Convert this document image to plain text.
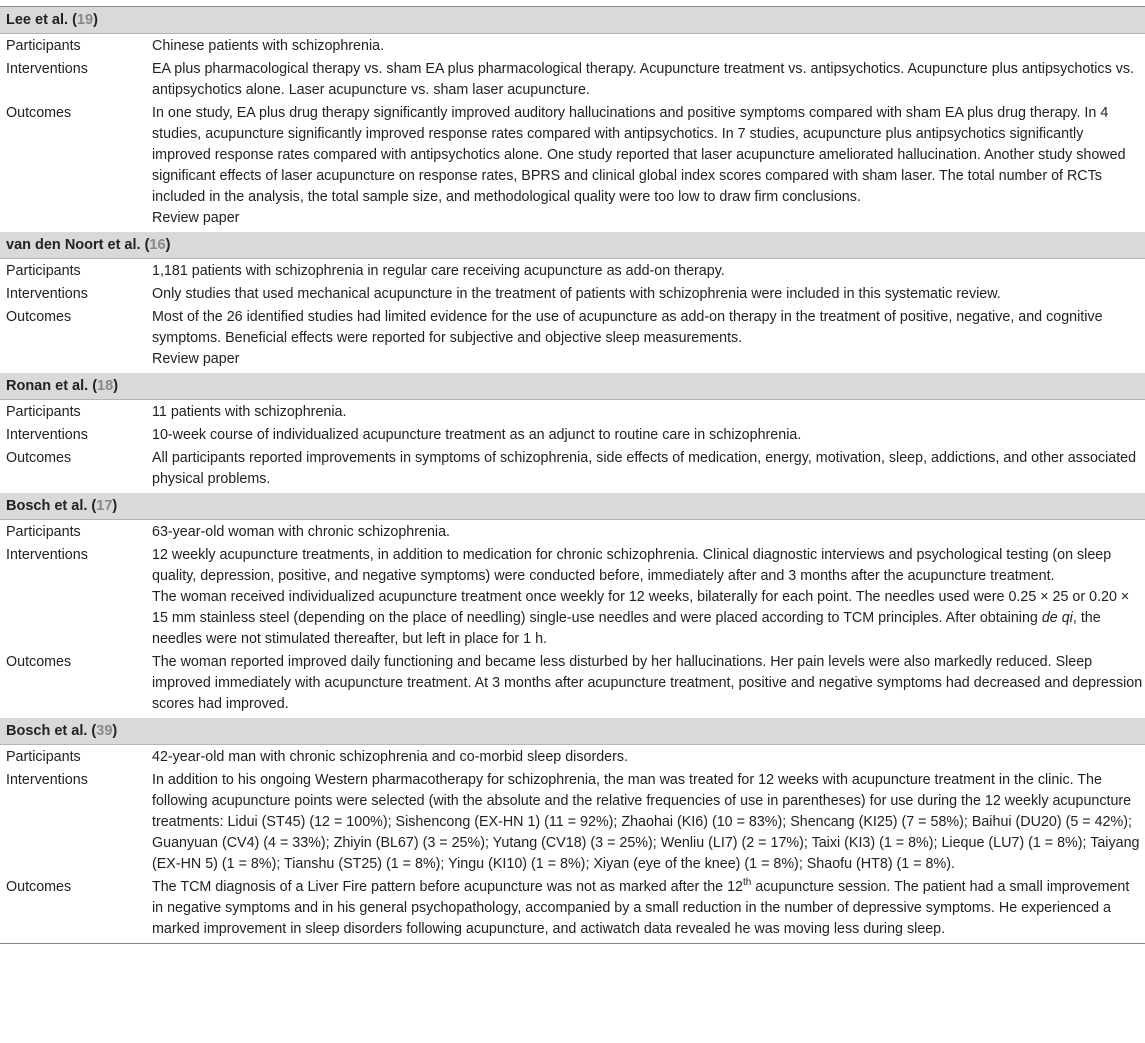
Lee et al. (19)
Participants	Chinese patients with schizophrenia.
Interventions	EA plus pharmacological therapy vs. sham EA plus pharmacological therapy. Acupuncture treatment vs. antipsychotics. Acupuncture plus antipsychotics vs. antipsychotics alone. Laser acupuncture vs. sham laser acupuncture.
Outcomes	In one study, EA plus drug therapy significantly improved auditory hallucinations and positive symptoms compared with sham EA plus drug therapy. In 4 studies, acupuncture significantly improved response rates compared with antipsychotics. In 7 studies, acupuncture plus antipsychotics significantly improved response rates compared with antipsychotics alone. One study reported that laser acupuncture ameliorated hallucination. Another study showed significant effects of laser acupuncture on response rates, BPRS and clinical global index scores compared with sham laser. The total number of RCTs included in the analysis, the total sample size, and methodological quality were too low to draw firm conclusions.
Review paper
van den Noort et al. (16)
Participants	1,181 patients with schizophrenia in regular care receiving acupuncture as add-on therapy.
Interventions	Only studies that used mechanical acupuncture in the treatment of patients with schizophrenia were included in this systematic review.
Outcomes	Most of the 26 identified studies had limited evidence for the use of acupuncture as add-on therapy in the treatment of positive, negative, and cognitive symptoms. Beneficial effects were reported for subjective and objective sleep measurements.
Review paper
Ronan et al. (18)
Participants	11 patients with schizophrenia.
Interventions	10-week course of individualized acupuncture treatment as an adjunct to routine care in schizophrenia.
Outcomes	All participants reported improvements in symptoms of schizophrenia, side effects of medication, energy, motivation, sleep, addictions, and other associated physical problems.
Bosch et al. (17)
Participants	63-year-old woman with chronic schizophrenia.
Interventions	12 weekly acupuncture treatments, in addition to medication for chronic schizophrenia. Clinical diagnostic interviews and psychological testing (on sleep quality, depression, positive, and negative symptoms) were conducted before, immediately after and 3 months after the acupuncture treatment.
The woman received individualized acupuncture treatment once weekly for 12 weeks, bilaterally for each point. The needles used were 0.25 × 25 or 0.20 × 15 mm stainless steel (depending on the place of needling) single-use needles and were placed according to TCM principles. After obtaining de qi, the needles were not stimulated thereafter, but left in place for 1 h.
Outcomes	The woman reported improved daily functioning and became less disturbed by her hallucinations. Her pain levels were also markedly reduced. Sleep improved immediately with acupuncture treatment. At 3 months after acupuncture treatment, positive and negative symptoms had decreased and depression scores had improved.
Bosch et al. (39)
Participants	42-year-old man with chronic schizophrenia and co-morbid sleep disorders.
Interventions	In addition to his ongoing Western pharmacotherapy for schizophrenia, the man was treated for 12 weeks with acupuncture treatment in the clinic. The following acupuncture points were selected (with the absolute and the relative frequencies of use in parentheses) for use during the 12 weekly acupuncture treatments: Lidui (ST45) (12 = 100%); Sishencong (EX-HN 1) (11 = 92%); Zhaohai (KI6) (10 = 83%); Shencang (KI25) (7 = 58%); Baihui (DU20) (5 = 42%); Guanyuan (CV4) (4 = 33%); Zhiyin (BL67) (3 = 25%); Yutang (CV18) (3 = 25%); Wenliu (LI7) (2 = 17%); Taixi (KI3) (1 = 8%); Lieque (LU7) (1 = 8%); Taiyang (EX-HN 5) (1 = 8%); Tianshu (ST25) (1 = 8%); Yingu (KI10) (1 = 8%); Xiyan (eye of the knee) (1 = 8%); Shaofu (HT8) (1 = 8%).
Outcomes	The TCM diagnosis of a Liver Fire pattern before acupuncture was not as marked after the 12th acupuncture session. The patient had a small improvement in negative symptoms and in his general psychopathology, accompanied by a small reduction in the number of depressive symptoms. He experienced a marked improvement in sleep disorders following acupuncture, and actiwatch data revealed he was moving less during sleep.
